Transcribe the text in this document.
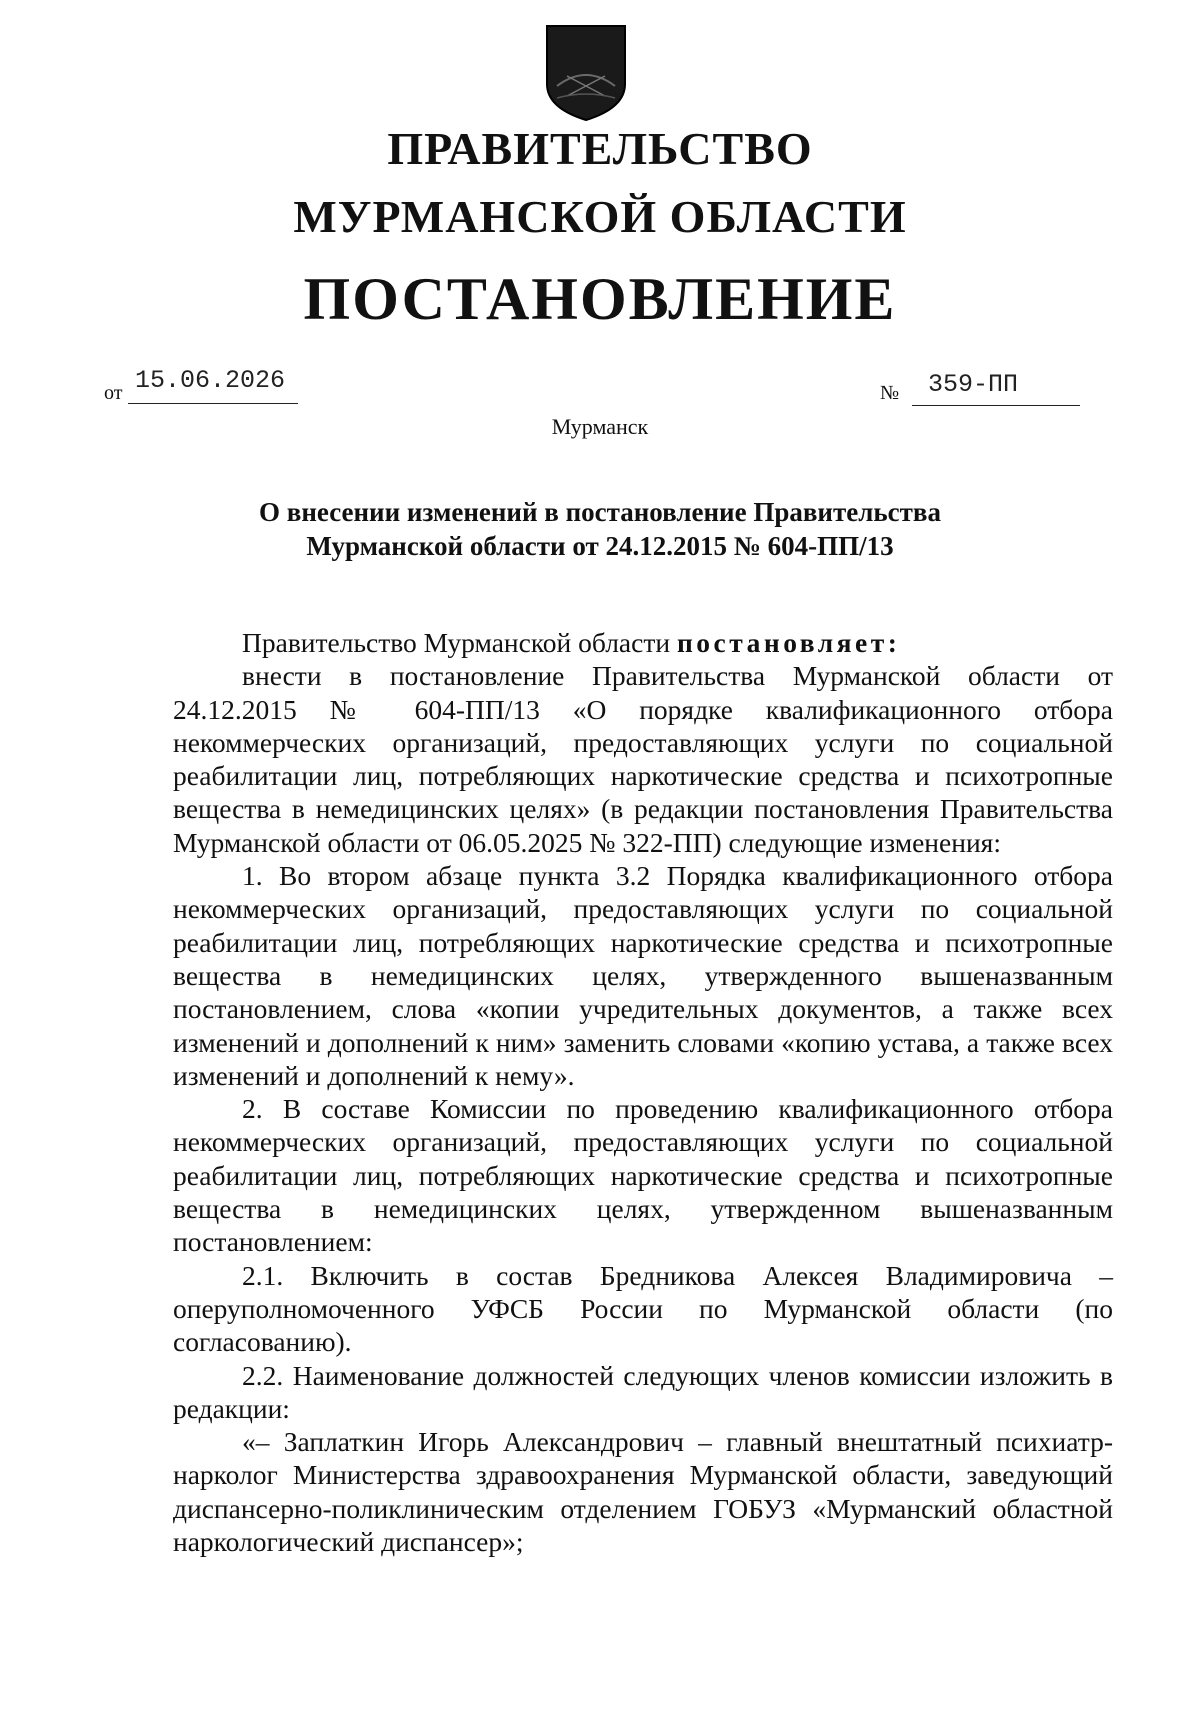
ПРАВИТЕЛЬСТВО
МУРМАНСКОЙ ОБЛАСТИ
ПОСТАНОВЛЕНИЕ
от 15.06.2026	№ 359-ПП
Мурманск
О внесении изменений в постановление Правительства
Мурманской области от 24.12.2015 № 604-ПП/13

Правительство Мурманской области постановляет:

внести в постановление Правительства Мурманской области от 24.12.2015 № 604-ПП/13 «О порядке квалификационного отбора некоммерческих организаций, предоставляющих услуги по социальной реабилитации лиц, потребляющих наркотические средства и психотропные вещества в немедицинских целях» (в редакции постановления Правительства Мурманской области от 06.05.2025 № 322-ПП) следующие изменения:

1. Во втором абзаце пункта 3.2 Порядка квалификационного отбора некоммерческих организаций, предоставляющих услуги по социальной реабилитации лиц, потребляющих наркотические средства и психотропные вещества в немедицинских целях, утвержденного вышеназванным постановлением, слова «копии учредительных документов, а также всех изменений и дополнений к ним» заменить словами «копию устава, а также всех изменений и дополнений к нему».

2. В составе Комиссии по проведению квалификационного отбора некоммерческих организаций, предоставляющих услуги по социальной реабилитации лиц, потребляющих наркотические средства и психотропные вещества в немедицинских целях, утвержденном вышеназванным постановлением:

2.1. Включить в состав Бредникова Алексея Владимировича – оперуполномоченного УФСБ России по Мурманской области (по согласованию).

2.2. Наименование должностей следующих членов комиссии изложить в редакции:

«– Заплаткин Игорь Александрович – главный внештатный психиатр-нарколог Министерства здравоохранения Мурманской области, заведующий диспансерно-поликлиническим отделением ГОБУЗ «Мурманский областной наркологический диспансер»;
